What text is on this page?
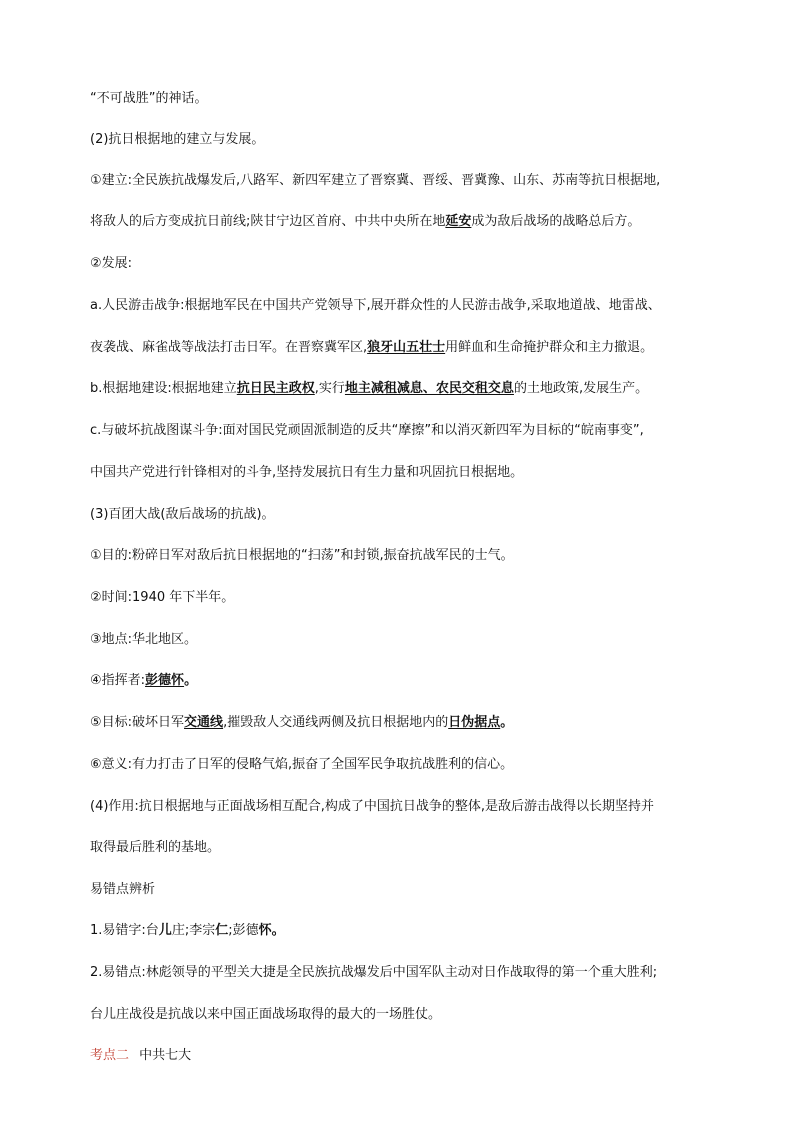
“不可战胜”的神话。
(2)抗日根据地的建立与发展。
①建立:全民族抗战爆发后,八路军、新四军建立了晋察冀、晋绥、晋冀豫、山东、苏南等抗日根据地,
将敌人的后方变成抗日前线;陕甘宁边区首府、中共中央所在地延安成为敌后战场的战略总后方。
②发展:
a.人民游击战争:根据地军民在中国共产党领导下,展开群众性的人民游击战争,采取地道战、地雷战、
夜袭战、麻雀战等战法打击日军。在晋察冀军区,狼牙山五壮士用鲜血和生命掩护群众和主力撤退。
b.根据地建设:根据地建立抗日民主政权,实行地主减租减息、农民交租交息的土地政策,发展生产。
c.与破坏抗战图谋斗争:面对国民党顽固派制造的反共“摩擦”和以消灭新四军为目标的“皖南事变”,
中国共产党进行针锋相对的斗争,坚持发展抗日有生力量和巩固抗日根据地。
(3)百团大战(敌后战场的抗战)。
①目的:粉碎日军对敌后抗日根据地的“扫荡”和封锁,振奋抗战军民的士气。
②时间:1940 年下半年。
③地点:华北地区。
④指挥者:彭德怀。
⑤目标:破坏日军交通线,摧毁敌人交通线两侧及抗日根据地内的日伪据点。
⑥意义:有力打击了日军的侵略气焰,振奋了全国军民争取抗战胜利的信心。
(4)作用:抗日根据地与正面战场相互配合,构成了中国抗日战争的整体,是敌后游击战得以长期坚持并
取得最后胜利的基地。
易错点辨析
1.易错字:台儿庄;李宗仁;彭德怀。
2.易错点:林彪领导的平型关大捷是全民族抗战爆发后中国军队主动对日作战取得的第一个重大胜利;
台儿庄战役是抗战以来中国正面战场取得的最大的一场胜仗。
考点二 中共七大
